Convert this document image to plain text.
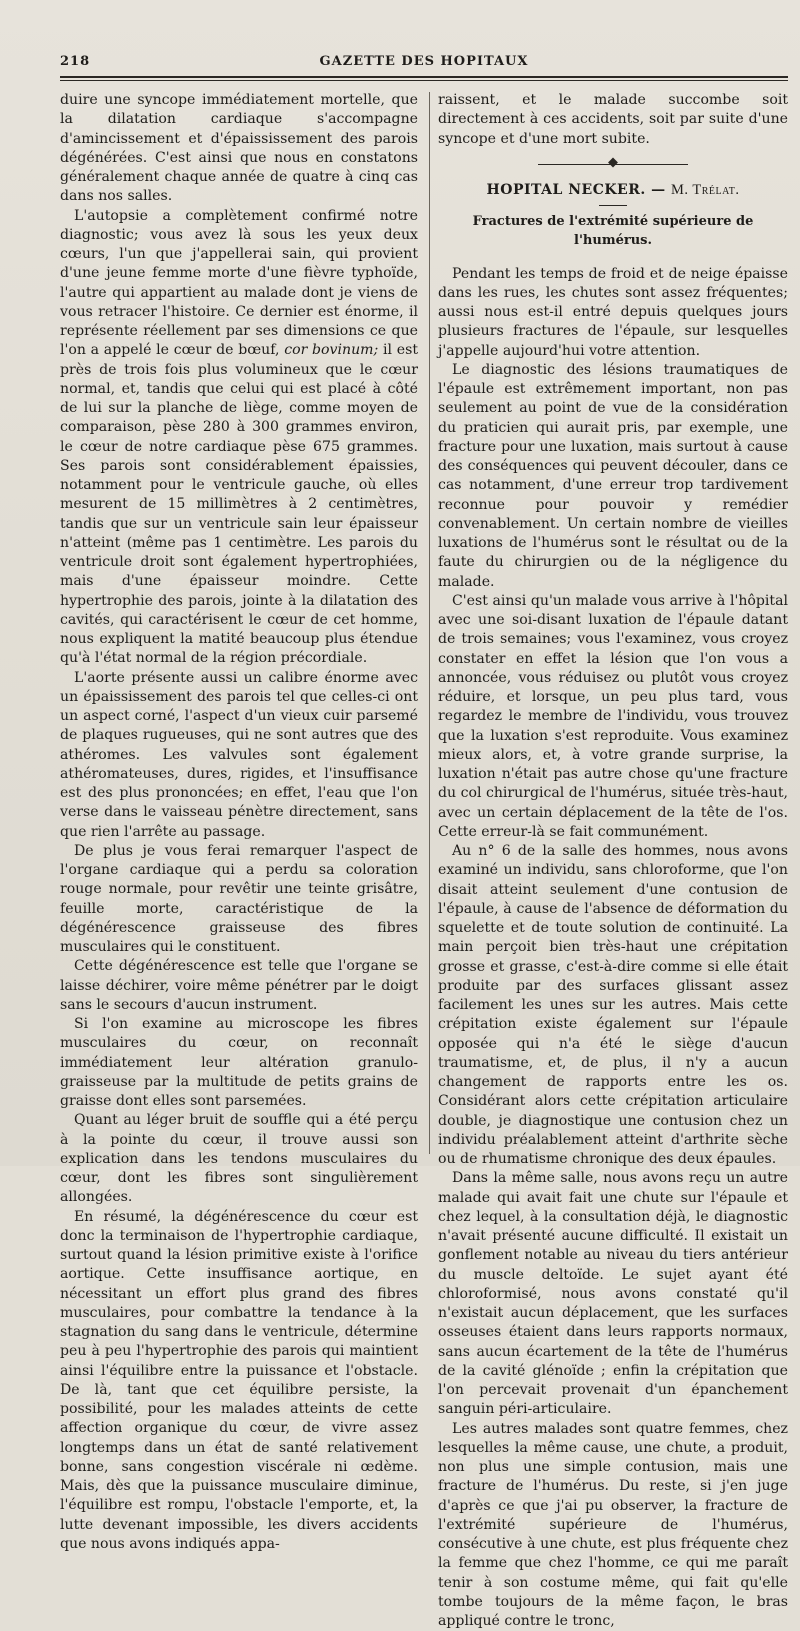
218	GAZETTE DES HOPITAUX

duire une syncope immédiatement mortelle, que la dilatation cardiaque s'accompagne d'amincissement et d'épaississement des parois dégénérées. C'est ainsi que nous en constatons généralement chaque année de quatre à cinq cas dans nos salles.

L'autopsie a complètement confirmé notre diagnostic; vous avez là sous les yeux deux cœurs, l'un que j'appellerai sain, qui provient d'une jeune femme morte d'une fièvre typhoïde, l'autre qui appartient au malade dont je viens de vous retracer l'histoire. Ce dernier est énorme, il représente réellement par ses dimensions ce que l'on a appelé le cœur de bœuf, cor bovinum; il est près de trois fois plus volumineux que le cœur normal, et, tandis que celui qui est placé à côté de lui sur la planche de liège, comme moyen de comparaison, pèse 280 à 300 grammes environ, le cœur de notre cardiaque pèse 675 grammes. Ses parois sont considérablement épaissies, notamment pour le ventricule gauche, où elles mesurent de 15 millimètres à 2 centimètres, tandis que sur un ventricule sain leur épaisseur n'atteint (même pas 1 centimètre. Les parois du ventricule droit sont également hypertrophiées, mais d'une épaisseur moindre. Cette hypertrophie des parois, jointe à la dilatation des cavités, qui caractérisent le cœur de cet homme, nous expliquent la matité beaucoup plus étendue qu'à l'état normal de la région précordiale.

L'aorte présente aussi un calibre énorme avec un épaississement des parois tel que celles-ci ont un aspect corné, l'aspect d'un vieux cuir parsemé de plaques rugueuses, qui ne sont autres que des athéromes. Les valvules sont également athéromateuses, dures, rigides, et l'insuffisance est des plus prononcées; en effet, l'eau que l'on verse dans le vaisseau pénètre directement, sans que rien l'arrête au passage.

De plus je vous ferai remarquer l'aspect de l'organe cardiaque qui a perdu sa coloration rouge normale, pour revêtir une teinte grisâtre, feuille morte, caractéristique de la dégénérescence graisseuse des fibres musculaires qui le constituent.

Cette dégénérescence est telle que l'organe se laisse déchirer, voire même pénétrer par le doigt sans le secours d'aucun instrument.

Si l'on examine au microscope les fibres musculaires du cœur, on reconnaît immédiatement leur altération granulo-graisseuse par la multitude de petits grains de graisse dont elles sont parsemées.

Quant au léger bruit de souffle qui a été perçu à la pointe du cœur, il trouve aussi son explication dans les tendons musculaires du cœur, dont les fibres sont singulièrement allongées.

En résumé, la dégénérescence du cœur est donc la terminaison de l'hypertrophie cardiaque, surtout quand la lésion primitive existe à l'orifice aortique. Cette insuffisance aortique, en nécessitant un effort plus grand des fibres musculaires, pour combattre la tendance à la stagnation du sang dans le ventricule, détermine peu à peu l'hypertrophie des parois qui maintient ainsi l'équilibre entre la puissance et l'obstacle. De là, tant que cet équilibre persiste, la possibilité, pour les malades atteints de cette affection organique du cœur, de vivre assez longtemps dans un état de santé relativement bonne, sans congestion viscérale ni œdème. Mais, dès que la puissance musculaire diminue, l'équilibre est rompu, l'obstacle l'emporte, et, la lutte devenant impossible, les divers accidents que nous avons indiqués appa-

raissent, et le malade succombe soit directement à ces accidents, soit par suite d'une syncope et d'une mort subite.

HOPITAL NECKER. — M. Trélat.
Fractures de l'extrémité supérieure de l'humérus.

Pendant les temps de froid et de neige épaisse dans les rues, les chutes sont assez fréquentes; aussi nous est-il entré depuis quelques jours plusieurs fractures de l'épaule, sur lesquelles j'appelle aujourd'hui votre attention.

Le diagnostic des lésions traumatiques de l'épaule est extrêmement important, non pas seulement au point de vue de la considération du praticien qui aurait pris, par exemple, une fracture pour une luxation, mais surtout à cause des conséquences qui peuvent découler, dans ce cas notamment, d'une erreur trop tardivement reconnue pour pouvoir y remédier convenablement. Un certain nombre de vieilles luxations de l'humérus sont le résultat ou de la faute du chirurgien ou de la négligence du malade.

C'est ainsi qu'un malade vous arrive à l'hôpital avec une soi-disant luxation de l'épaule datant de trois semaines; vous l'examinez, vous croyez constater en effet la lésion que l'on vous a annoncée, vous réduisez ou plutôt vous croyez réduire, et lorsque, un peu plus tard, vous regardez le membre de l'individu, vous trouvez que la luxation s'est reproduite. Vous examinez mieux alors, et, à votre grande surprise, la luxation n'était pas autre chose qu'une fracture du col chirurgical de l'humérus, située très-haut, avec un certain déplacement de la tête de l'os. Cette erreur-là se fait communément.

Au n° 6 de la salle des hommes, nous avons examiné un individu, sans chloroforme, que l'on disait atteint seulement d'une contusion de l'épaule, à cause de l'absence de déformation du squelette et de toute solution de continuité. La main perçoit bien très-haut une crépitation grosse et grasse, c'est-à-dire comme si elle était produite par des surfaces glissant assez facilement les unes sur les autres. Mais cette crépitation existe également sur l'épaule opposée qui n'a été le siège d'aucun traumatisme, et, de plus, il n'y a aucun changement de rapports entre les os. Considérant alors cette crépitation articulaire double, je diagnostique une contusion chez un individu préalablement atteint d'arthrite sèche ou de rhumatisme chronique des deux épaules.

Dans la même salle, nous avons reçu un autre malade qui avait fait une chute sur l'épaule et chez lequel, à la consultation déjà, le diagnostic n'avait présenté aucune difficulté. Il existait un gonflement notable au niveau du tiers antérieur du muscle deltoïde. Le sujet ayant été chloroformisé, nous avons constaté qu'il n'existait aucun déplacement, que les surfaces osseuses étaient dans leurs rapports normaux, sans aucun écartement de la tête de l'humérus de la cavité glénoïde ; enfin la crépitation que l'on percevait provenait d'un épanchement sanguin péri-articulaire.

Les autres malades sont quatre femmes, chez lesquelles la même cause, une chute, a produit, non plus une simple contusion, mais une fracture de l'humérus. Du reste, si j'en juge d'après ce que j'ai pu observer, la fracture de l'extrémité supérieure de l'humérus, consécutive à une chute, est plus fréquente chez la femme que chez l'homme, ce qui me paraît tenir à son costume même, qui fait qu'elle tombe toujours de la même façon, le bras appliqué contre le tronc,
